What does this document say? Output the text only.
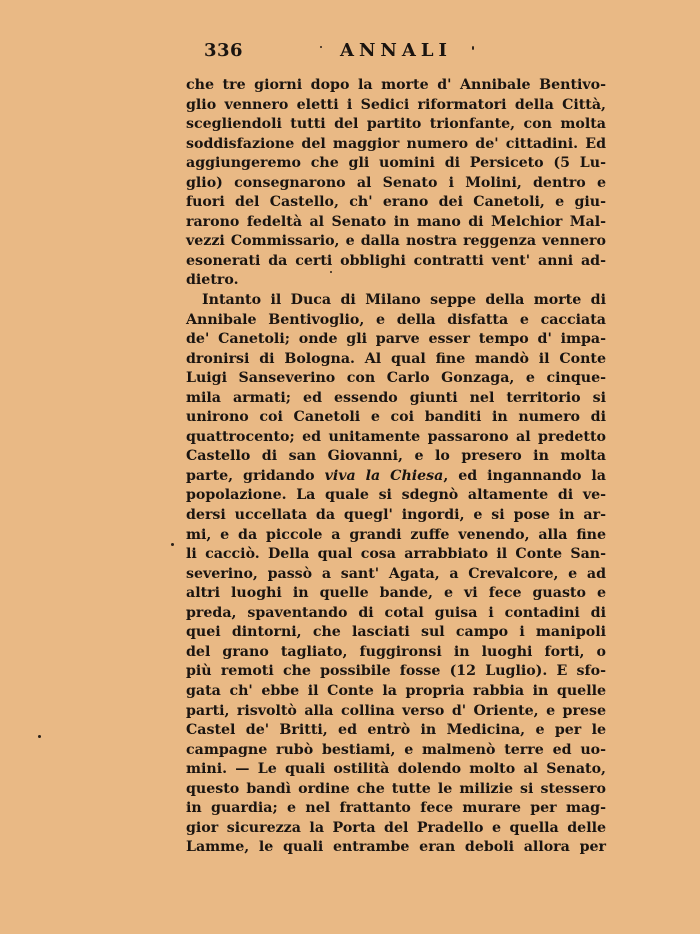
336	ANNALI
che tre giorni dopo la morte d' Annibale Bentivo-
glio vennero eletti i Sedici riformatori della Città,
scegliendoli tutti del partito trionfante, con molta
soddisfazione del maggior numero de' cittadini. Ed
aggiungeremo che gli uomini di Persiceto (5 Lu-
glio) consegnarono al Senato i Molini, dentro e
fuori del Castello, ch' erano dei Canetoli, e giu-
rarono fedeltà al Senato in mano di Melchior Mal-
vezzi Commissario, e dalla nostra reggenza vennero
esonerati da certi obblighi contratti vent' anni ad-
dietro.
Intanto il Duca di Milano seppe della morte di
Annibale Bentivoglio, e della disfatta e cacciata
de' Canetoli; onde gli parve esser tempo d' impa-
dronirsi di Bologna. Al qual fine mandò il Conte
Luigi Sanseverino con Carlo Gonzaga, e cinque-
mila armati; ed essendo giunti nel territorio si
unirono coi Canetoli e coi banditi in numero di
quattrocento; ed unitamente passarono al predetto
Castello di san Giovanni, e lo presero in molta
parte, gridando viva la Chiesa, ed ingannando la
popolazione. La quale si sdegnò altamente di ve-
dersi uccellata da quegl' ingordi, e si pose in ar-
mi, e da piccole a grandi zuffe venendo, alla fine
li cacciò. Della qual cosa arrabbiato il Conte San-
severino, passò a sant' Agata, a Crevalcore, e ad
altri luoghi in quelle bande, e vi fece guasto e
preda, spaventando di cotal guisa i contadini di
quei dintorni, che lasciati sul campo i manipoli
del grano tagliato, fuggironsi in luoghi forti, o
più remoti che possibile fosse (12 Luglio). E sfo-
gata ch' ebbe il Conte la propria rabbia in quelle
parti, risvoltò alla collina verso d' Oriente, e prese
Castel de' Britti, ed entrò in Medicina, e per le
campagne rubò bestiami, e malmenò terre ed uo-
mini. — Le quali ostilità dolendo molto al Senato,
questo bandì ordine che tutte le milizie si stessero
in guardia; e nel frattanto fece murare per mag-
gior sicurezza la Porta del Pradello e quella delle
Lamme, le quali entrambe eran deboli allora per
